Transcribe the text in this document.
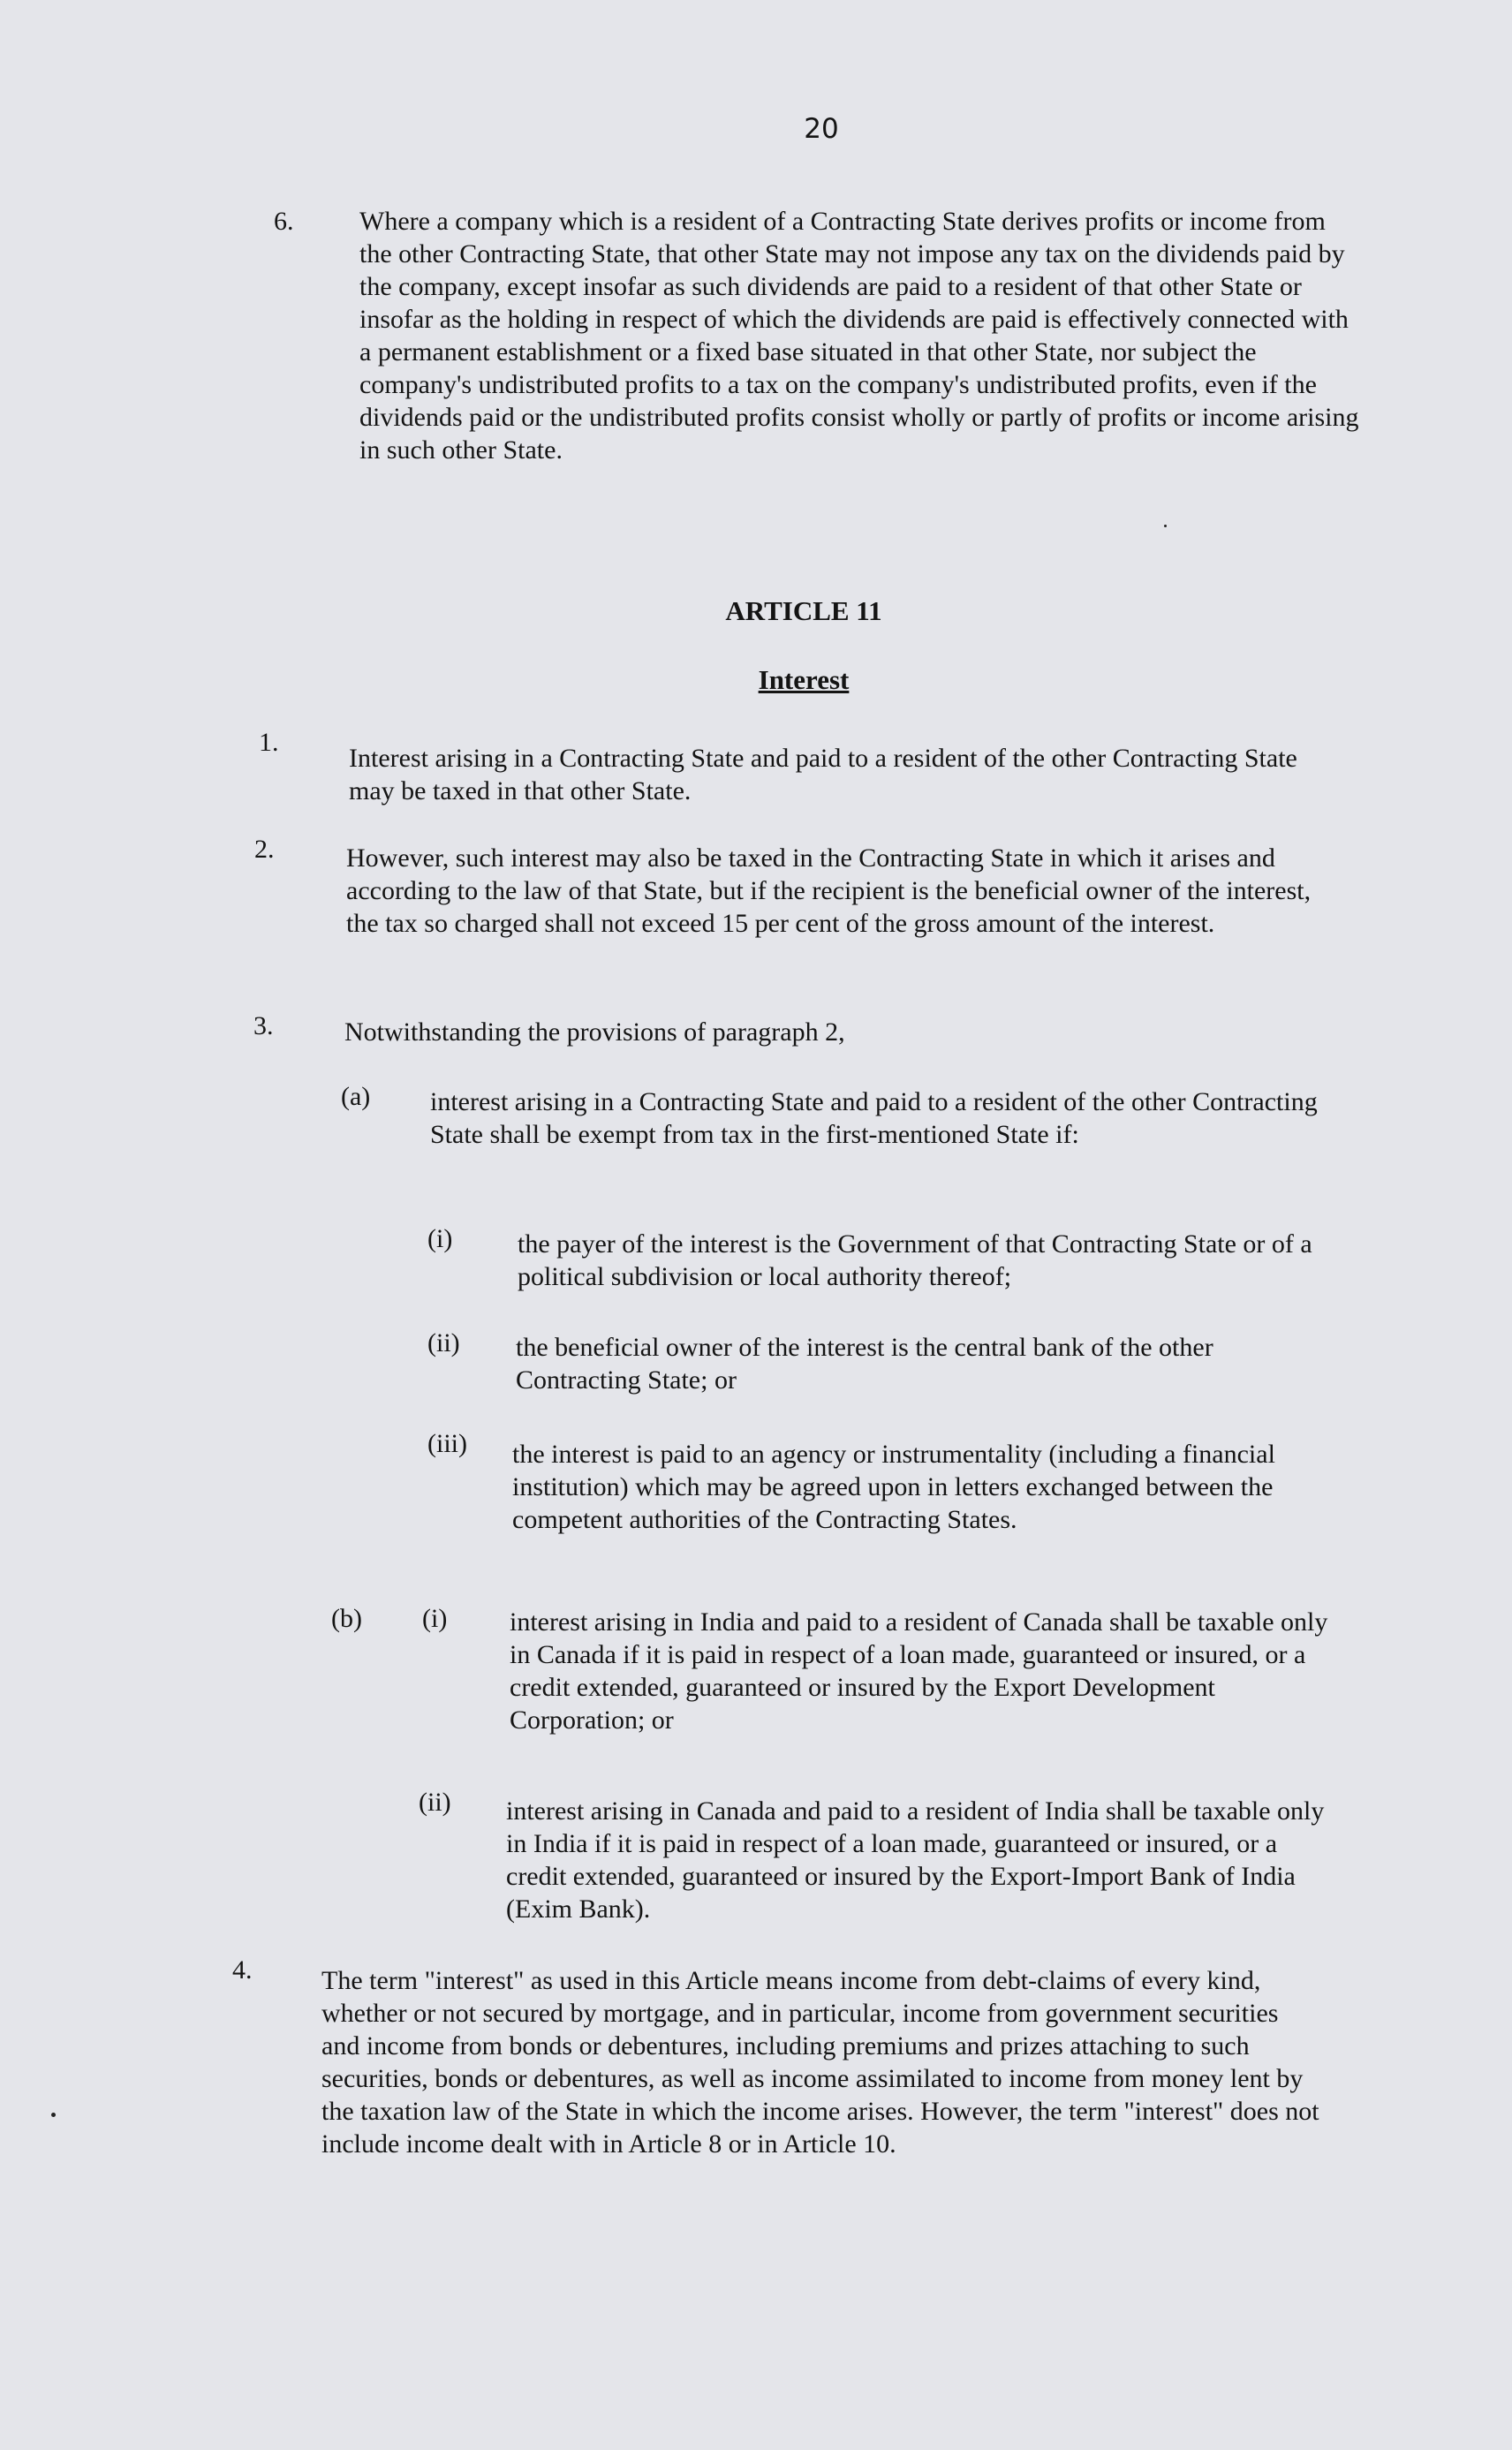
20
6. Where a company which is a resident of a Contracting State derives profits or income from the other Contracting State, that other State may not impose any tax on the dividends paid by the company, except insofar as such dividends are paid to a resident of that other State or insofar as the holding in respect of which the dividends are paid is effectively connected with a permanent establishment or a fixed base situated in that other State, nor subject the company's undistributed profits to a tax on the company's undistributed profits, even if the dividends paid or the undistributed profits consist wholly or partly of profits or income arising in such other State.

ARTICLE 11
Interest
1.

Interest arising in a Contracting State and paid to a resident of the other Contracting State may be taxed in that other State.

2.	However, such interest may also be taxed in the Contracting State in which it arises and according to the law of that State, but if the recipient is the beneficial owner of the interest, the tax so charged shall not exceed 15 per cent of the gross amount of the interest.

3.	Notwithstanding the provisions of paragraph 2,

(a) interest arising in a Contracting State and paid to a resident of the other Contracting State shall be exempt from tax in the first-mentioned State if:

(i) the payer of the interest is the Government of that Contracting State or of a political subdivision or local authority thereof;

(ii) the beneficial owner of the interest is the central bank of the other Contracting State; or

(iii) the interest is paid to an agency or instrumentality (including a financial institution) which may be agreed upon in letters exchanged between the competent authorities of the Contracting States.

(b) (i) interest arising in India and paid to a resident of Canada shall be taxable only in Canada if it is paid in respect of a loan made, guaranteed or insured, or a credit extended, guaranteed or insured by the Export Development Corporation; or

(ii) interest arising in Canada and paid to a resident of India shall be taxable only in India if it is paid in respect of a loan made, guaranteed or insured, or a credit extended, guaranteed or insured by the Export-Import Bank of India (Exim Bank).

4.	The term "interest" as used in this Article means income from debt-claims of every kind, whether or not secured by mortgage, and in particular, income from government securities and income from bonds or debentures, including premiums and prizes attaching to such securities, bonds or debentures, as well as income assimilated to income from money lent by the taxation law of the State in which the income arises. However, the term "interest" does not include income dealt with in Article 8 or in Article 10.
